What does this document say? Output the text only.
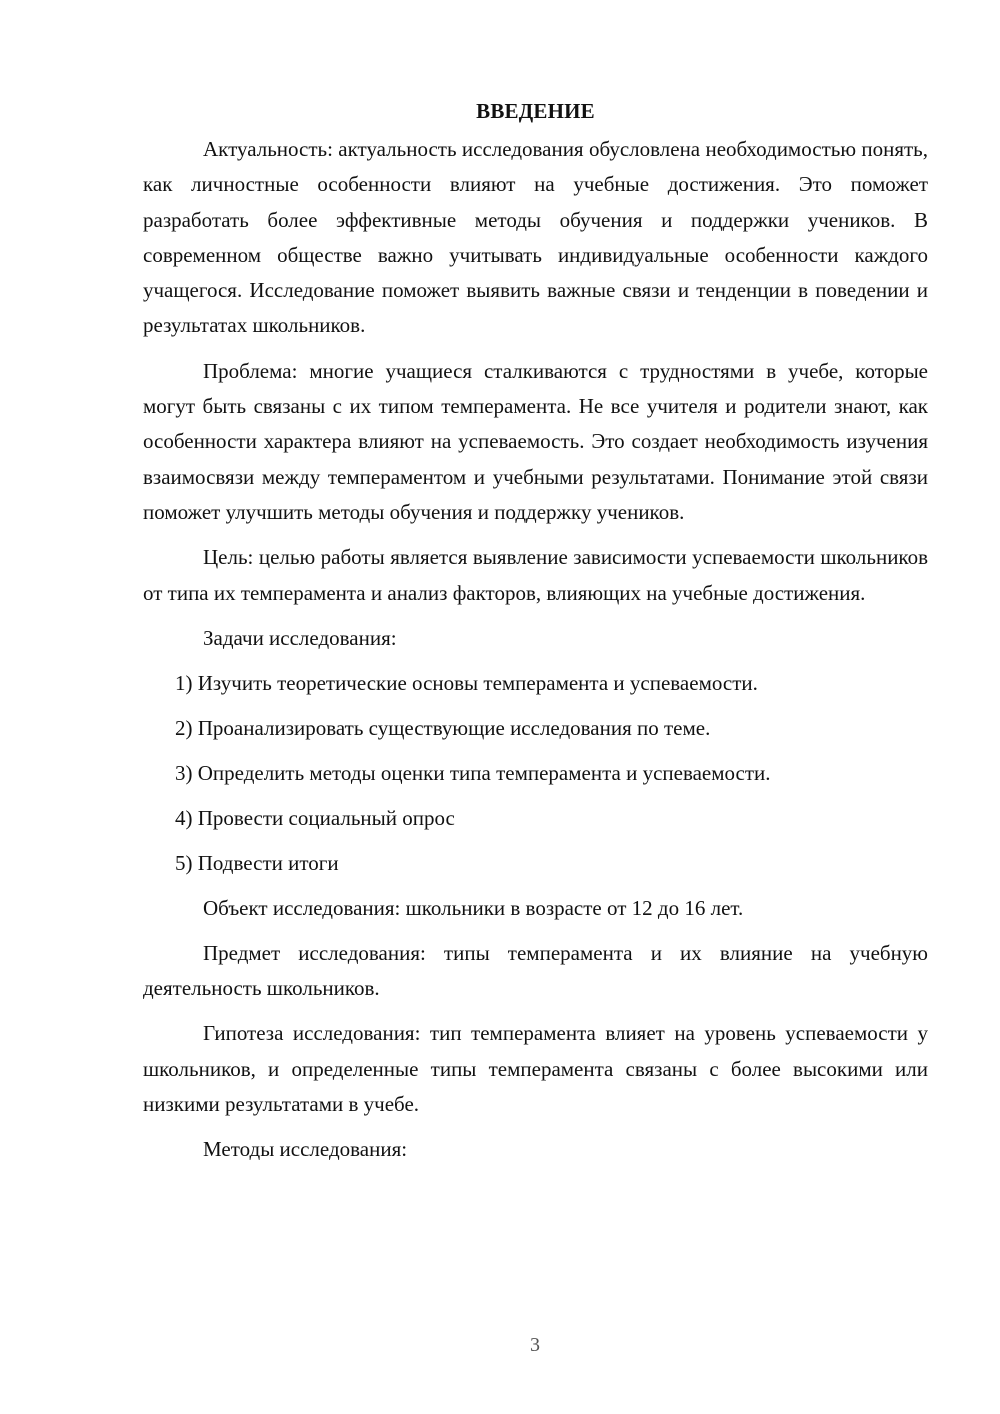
ВВЕДЕНИЕ

Актуальность: актуальность исследования обусловлена необходимостью понять, как личностные особенности влияют на учебные достижения. Это поможет разработать более эффективные методы обучения и поддержки учеников. В современном обществе важно учитывать индивидуальные особенности каждого учащегося. Исследование поможет выявить важные связи и тенденции в поведении и результатах школьников.

Проблема: многие учащиеся сталкиваются с трудностями в учебе, которые могут быть связаны с их типом темперамента. Не все учителя и родители знают, как особенности характера влияют на успеваемость. Это создает необходимость изучения взаимосвязи между темпераментом и учебными результатами. Понимание этой связи поможет улучшить методы обучения и поддержку учеников.

Цель: целью работы является выявление зависимости успеваемости школьников от типа их темперамента и анализ факторов, влияющих на учебные достижения.

Задачи исследования:

1) Изучить теоретические основы темперамента и успеваемости.
2) Проанализировать существующие исследования по теме.
3) Определить методы оценки типа темперамента и успеваемости.
4) Провести социальный опрос
5) Подвести итоги

Объект исследования: школьники в возрасте от 12 до 16 лет.

Предмет исследования: типы темперамента и их влияние на учебную деятельность школьников.

Гипотеза исследования: тип темперамента влияет на уровень успеваемости у школьников, и определенные типы темперамента связаны с более высокими или низкими результатами в учебе.

Методы исследования:

3
